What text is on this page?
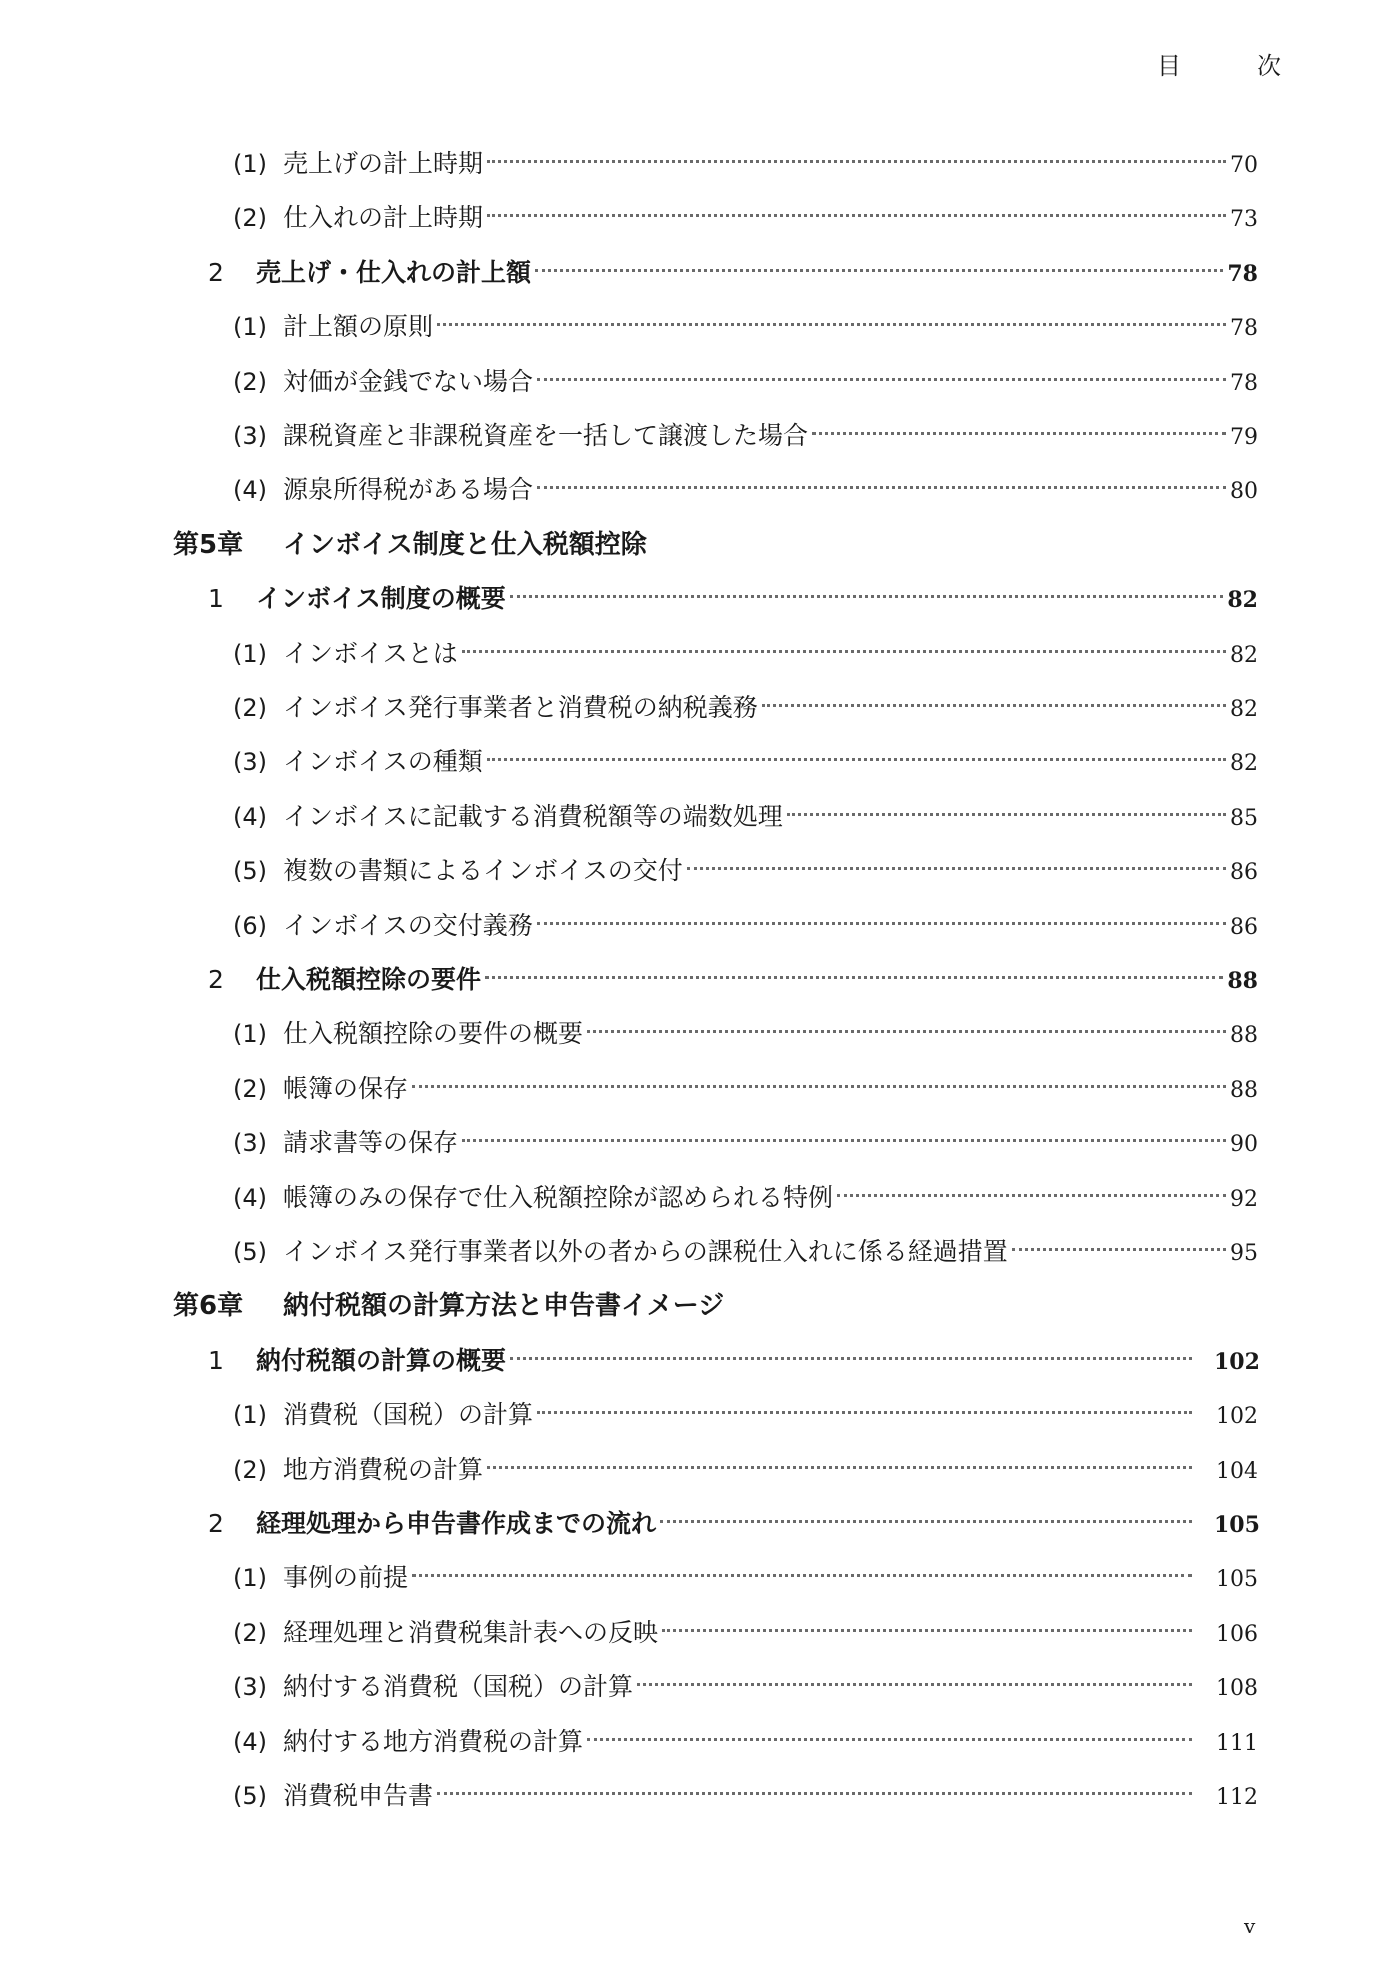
目　次
(1) 売上げの計上時期	70
(2) 仕入れの計上時期	73
2	売上げ・仕入れの計上額	78
(1) 計上額の原則	78
(2) 対価が金銭でない場合	78
(3) 課税資産と非課税資産を一括して譲渡した場合	79
(4) 源泉所得税がある場合	80
第5章	インボイス制度と仕入税額控除
1	インボイス制度の概要	82
(1) インボイスとは	82
(2) インボイス発行事業者と消費税の納税義務	82
(3) インボイスの種類	82
(4) インボイスに記載する消費税額等の端数処理	85
(5) 複数の書類によるインボイスの交付	86
(6) インボイスの交付義務	86
2	仕入税額控除の要件	88
(1) 仕入税額控除の要件の概要	88
(2) 帳簿の保存	88
(3) 請求書等の保存	90
(4) 帳簿のみの保存で仕入税額控除が認められる特例	92
(5) インボイス発行事業者以外の者からの課税仕入れに係る経過措置	95
第6章	納付税額の計算方法と申告書イメージ
1	納付税額の計算の概要	102
(1) 消費税（国税）の計算	102
(2) 地方消費税の計算	104
2	経理処理から申告書作成までの流れ	105
(1) 事例の前提	105
(2) 経理処理と消費税集計表への反映	106
(3) 納付する消費税（国税）の計算	108
(4) 納付する地方消費税の計算	111
(5) 消費税申告書	112
v
